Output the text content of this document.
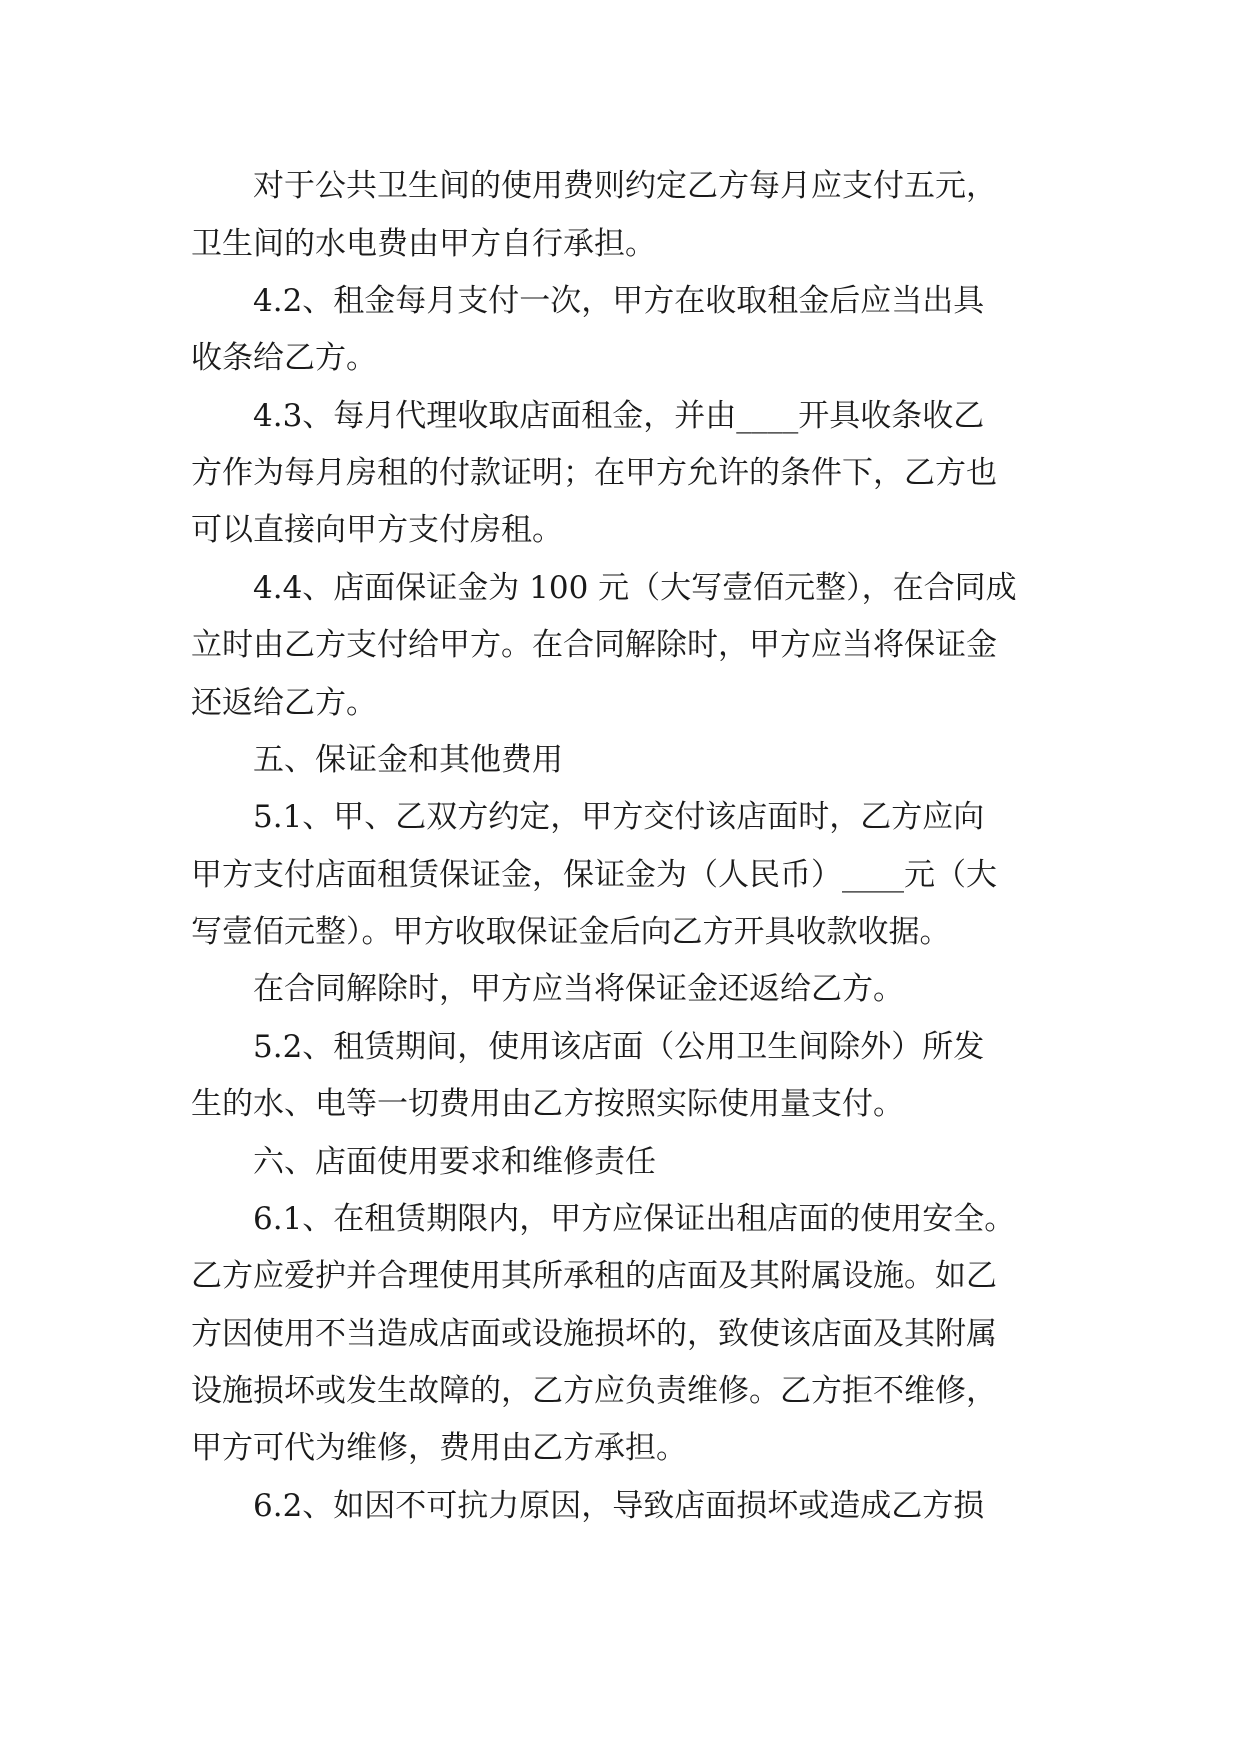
对于公共卫生间的使用费则约定乙方每月应支付五元，
卫生间的水电费由甲方自行承担。
4.2、租金每月支付一次，甲方在收取租金后应当出具
收条给乙方。
4.3、每月代理收取店面租金，并由____开具收条收乙
方作为每月房租的付款证明；在甲方允许的条件下，乙方也
可以直接向甲方支付房租。
4.4、店面保证金为 100 元（大写壹佰元整），在合同成
立时由乙方支付给甲方。在合同解除时，甲方应当将保证金
还返给乙方。
五、保证金和其他费用
5.1、甲、乙双方约定，甲方交付该店面时，乙方应向
甲方支付店面租赁保证金，保证金为（人民币）____元（大
写壹佰元整）。甲方收取保证金后向乙方开具收款收据。
在合同解除时，甲方应当将保证金还返给乙方。
5.2、租赁期间，使用该店面（公用卫生间除外）所发
生的水、电等一切费用由乙方按照实际使用量支付。
六、店面使用要求和维修责任
6.1、在租赁期限内，甲方应保证出租店面的使用安全。
乙方应爱护并合理使用其所承租的店面及其附属设施。如乙
方因使用不当造成店面或设施损坏的，致使该店面及其附属
设施损坏或发生故障的，乙方应负责维修。乙方拒不维修，
甲方可代为维修，费用由乙方承担。
6.2、如因不可抗力原因，导致店面损坏或造成乙方损
